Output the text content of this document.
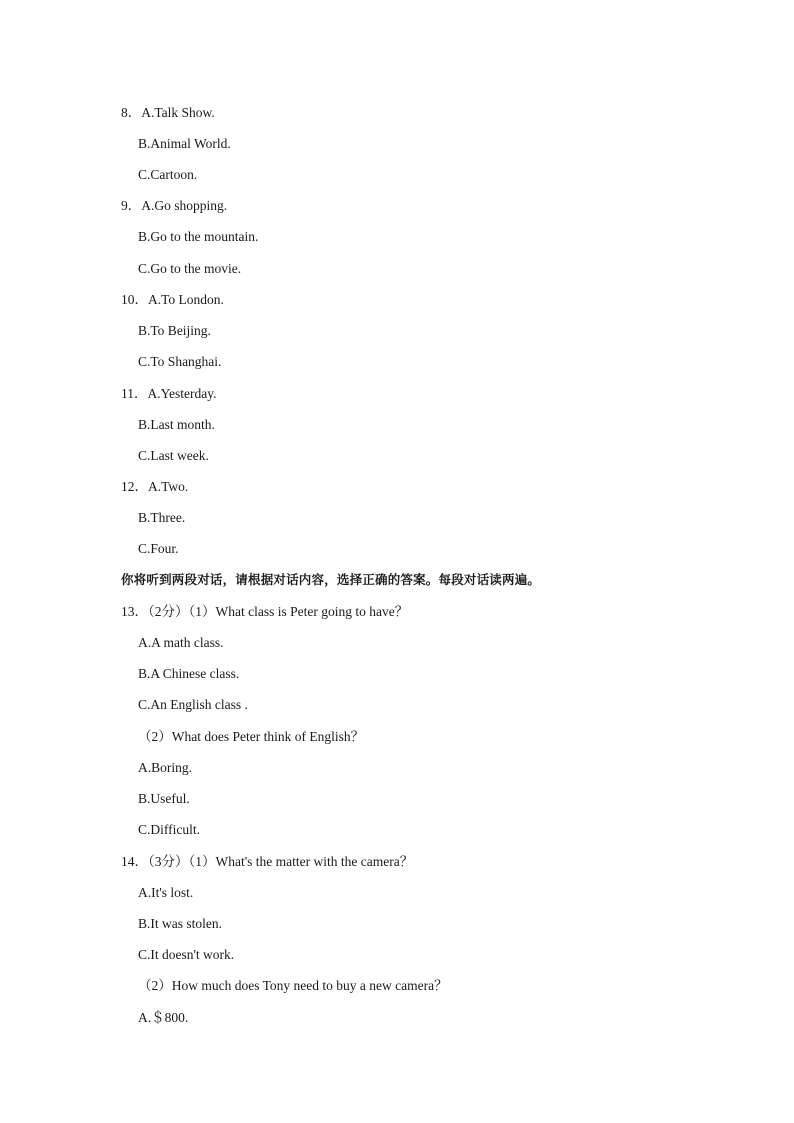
8．A.Talk Show.
B.Animal World.
C.Cartoon.
9．A.Go shopping.
B.Go to the mountain.
C.Go to the movie.
10．A.To London.
B.To Beijing.
C.To Shanghai.
11．A.Yesterday.
B.Last month.
C.Last week.
12．A.Two.
B.Three.
C.Four.
你将听到两段对话，请根据对话内容，选择正确的答案。每段对话读两遍。
13．（2分）（1）What class is Peter going to have？
A.A math class.
B.A Chinese class.
C.An English class .
（2）What does Peter think of English？
A.Boring.
B.Useful.
C.Difficult.
14．（3分）（1）What's the matter with the camera？
A.It's lost.
B.It was stolen.
C.It doesn't work.
（2）How much does Tony need to buy a new camera？
A.＄800.
